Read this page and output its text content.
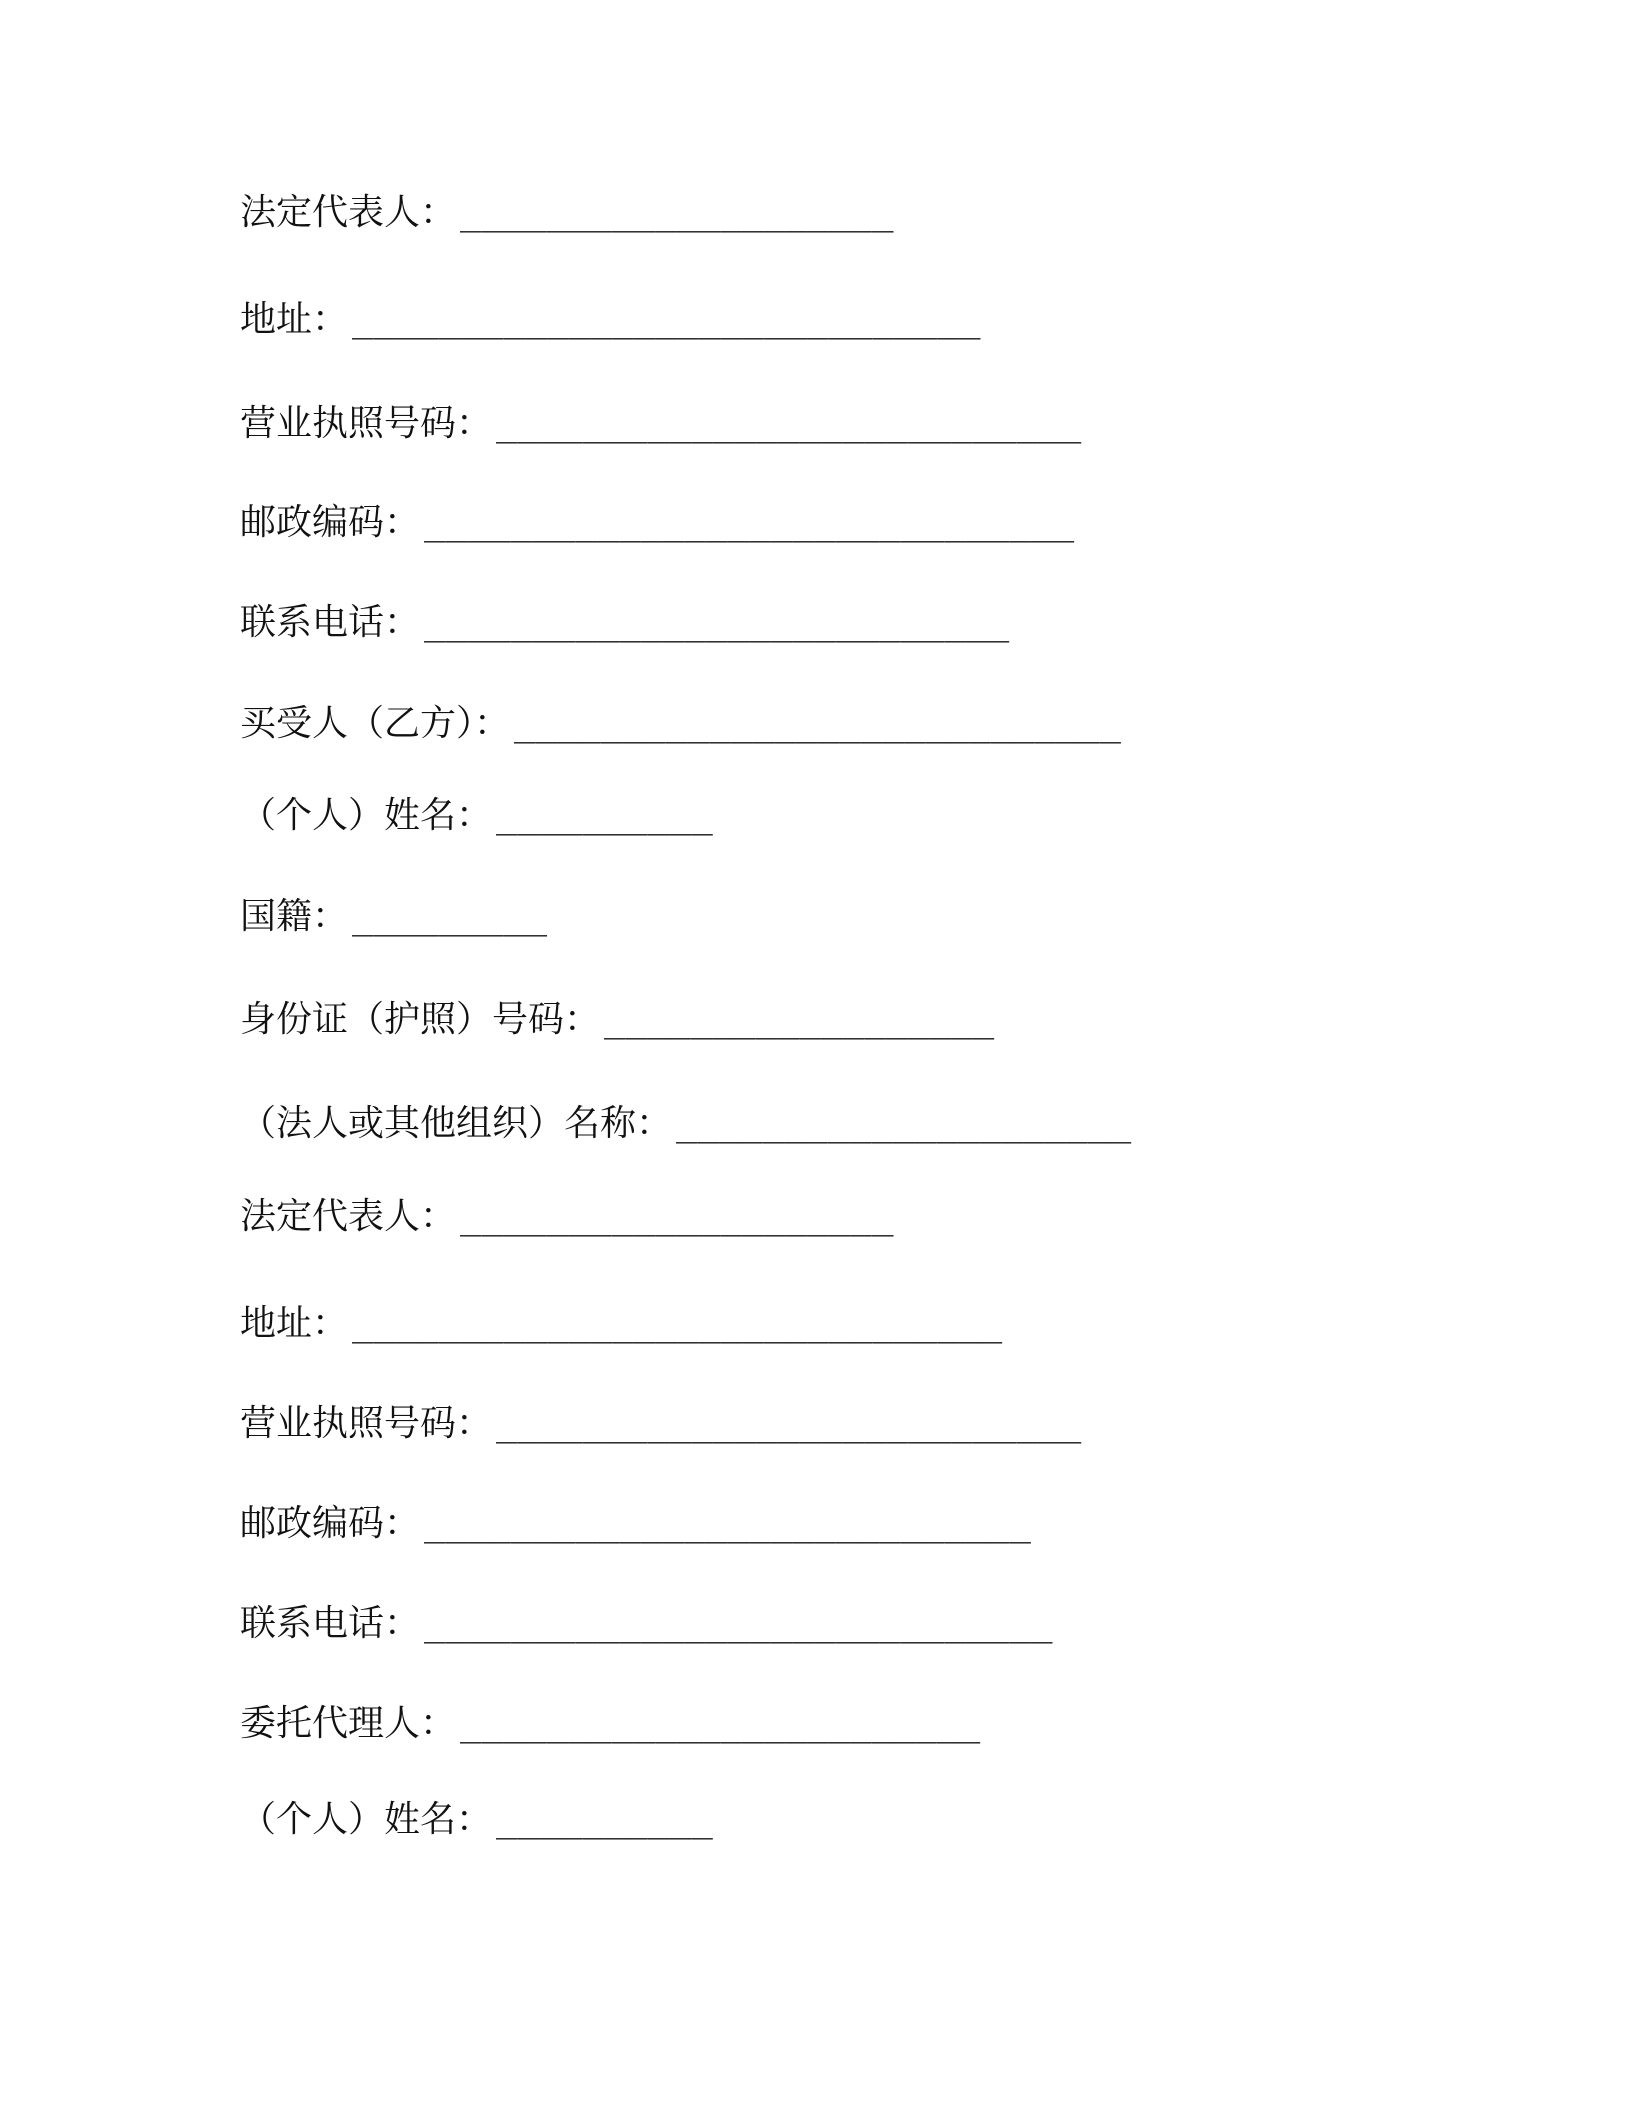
法定代表人： ____________________
地址： _____________________________
营业执照号码： ___________________________
邮政编码： ______________________________
联系电话： ___________________________
买受人（乙方）： ____________________________
（个人）姓名： __________
国籍： _________
身份证（护照）号码： __________________
（法人或其他组织）名称： _____________________
法定代表人： ____________________
地址： ______________________________
营业执照号码： ___________________________
邮政编码： ____________________________
联系电话： _____________________________
委托代理人： ________________________
（个人）姓名： __________
